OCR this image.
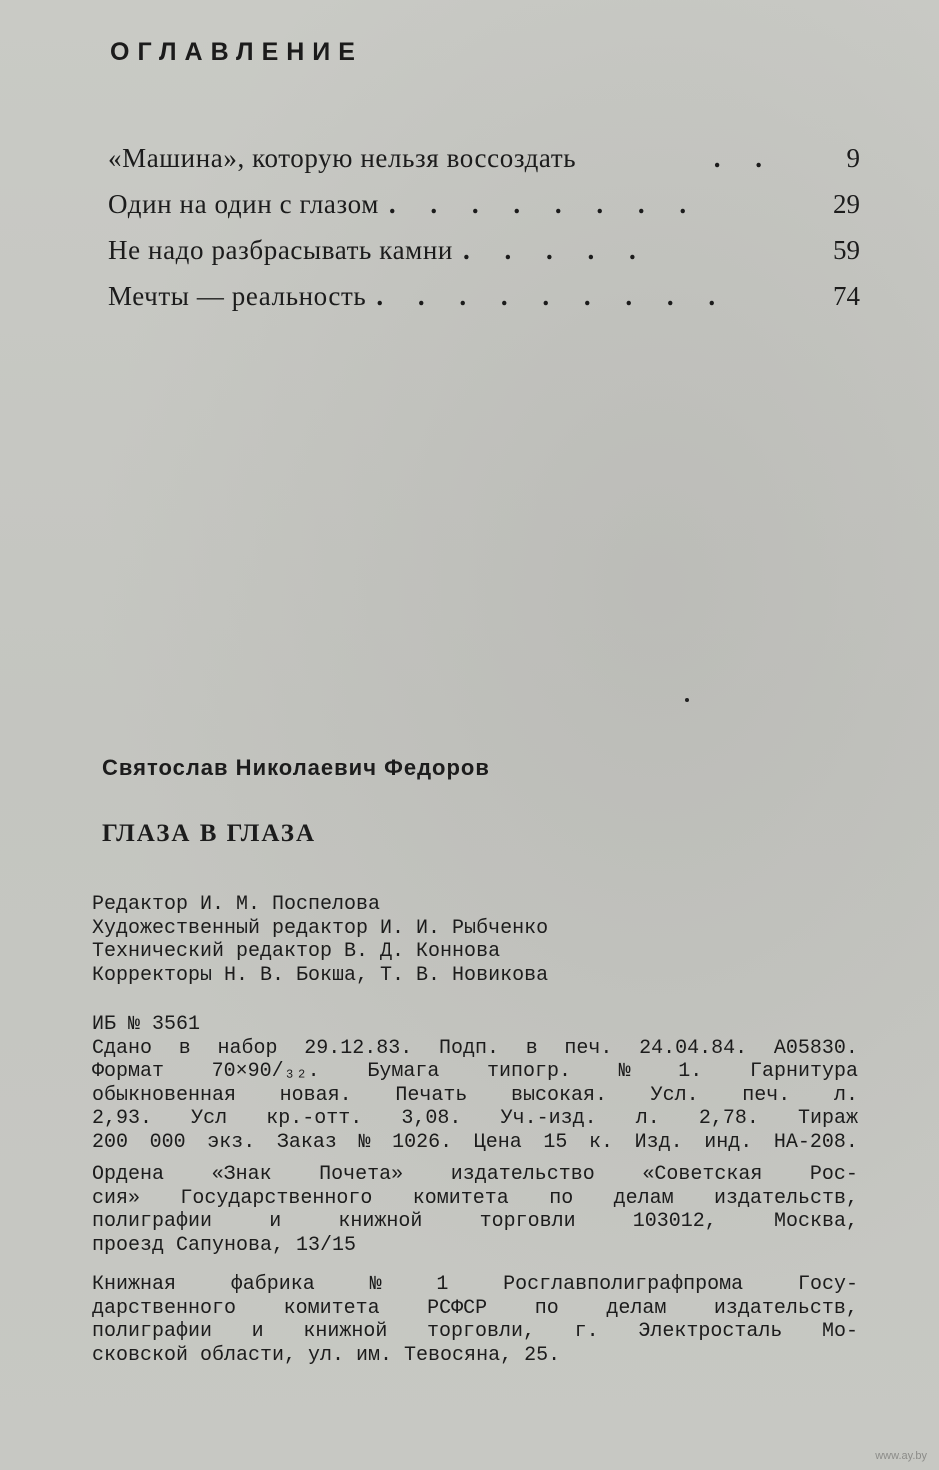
ОГЛАВЛЕНИЕ
«Машина», которую нельзя воссоздать	. .	9
Один на один с глазом . . . . . . . .	29
Не надо разбрасывать камни . . . . .	59
Мечты — реальность . . . . . . . . .	74
Святослав Николаевич Федоров
ГЛАЗА В ГЛАЗА
Редактор И. М. Поспелова
Художественный редактор И. И. Рыбченко
Технический редактор В. Д. Коннова
Корректоры Н. В. Бокша, Т. В. Новикова
ИБ № 3561
Сдано в набор 29.12.83. Подп. в печ. 24.04.84. А05830.
Формат 70×90/₃₂. Бумага типогр. № 1. Гарнитура
обыкновенная новая. Печать высокая. Усл. печ. л.
2,93. Усл кр.-отт. 3,08. Уч.-изд. л. 2,78. Тираж
200 000 экз. Заказ № 1026. Цена 15 к. Изд. инд. НА-208.
Ордена «Знак Почета» издательство «Советская Рос-
сия» Государственного комитета по делам издательств,
полиграфии	и	книжной	торговли	103012,	Москва,
проезд Сапунова, 13/15
Книжная	фабрика	№	1	Росглавполиграфпрома	Госу-
дарственного комитета РСФСР по делам издательств,
полиграфии и книжной торговли, г. Электросталь Мо-
сковской области, ул. им. Тевосяна, 25.
www.ay.by
